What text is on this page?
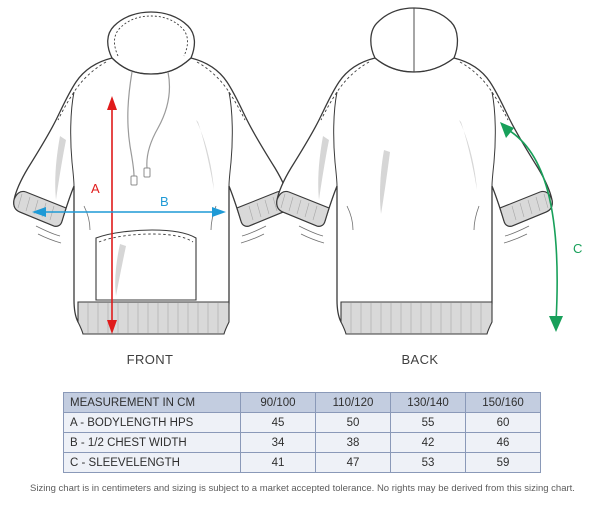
A
B
C
FRONT	BACK
MEASUREMENT IN CM	90/100	110/120	130/140	150/160
A - BODYLENGTH HPS	45	50	55	60
B - 1/2 CHEST WIDTH	34	38	42	46
C - SLEEVELENGTH	41	47	53	59
Sizing chart is in centimeters and sizing is subject to a market accepted tolerance. No rights may be derived from this sizing chart.
